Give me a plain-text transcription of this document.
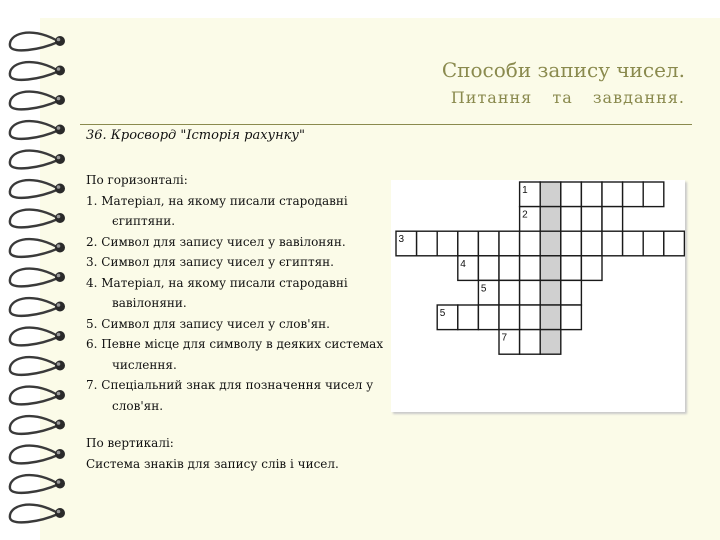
Способи запису чисел.
Питання та завдання.
36. Кросворд "Історія рахунку"

По горизонталі:

1. Матеріал, на якому писали стародавні єгиптяни.

2. Символ для запису чисел у вавілонян.

3. Символ для запису чисел у єгиптян.

4. Матеріал, на якому писали стародавні вавілоняни.

5. Символ для запису чисел у слов'ян.

6. Певне місце для символу в деяких системах числення.

7. Спеціальний знак для позначення чисел у слов'ян.

По вертикалі:

Система знаків для запису слів і чисел.

1
2
3
4
5
5
7
